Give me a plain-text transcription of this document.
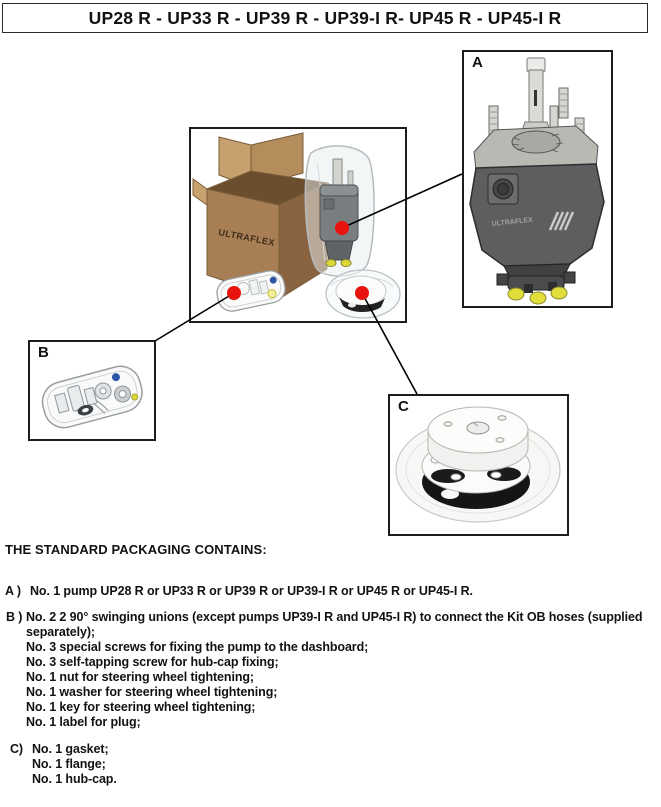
UP28 R - UP33 R - UP39 R - UP39-I R- UP45 R - UP45-I R
ULTRAFLEX
A
ULTRAFLEX
B
C
THE STANDARD PACKAGING CONTAINS:
A ) No. 1 pump UP28 R or UP33 R or UP39 R or UP39-I R or UP45 R or UP45-I R.
B ) No. 2 2 90° swinging unions (except pumps UP39-I R and UP45-I R) to connect the Kit OB hoses (supplied
separately);
No. 3 special screws for fixing the pump to the dashboard;
No. 3 self-tapping screw for hub-cap fixing;
No. 1 nut for steering wheel tightening;
No. 1 washer for steering wheel tightening;
No. 1 key for steering wheel tightening;
No. 1 label for plug;
C) No. 1 gasket;
No. 1 flange;
No. 1 hub-cap.
